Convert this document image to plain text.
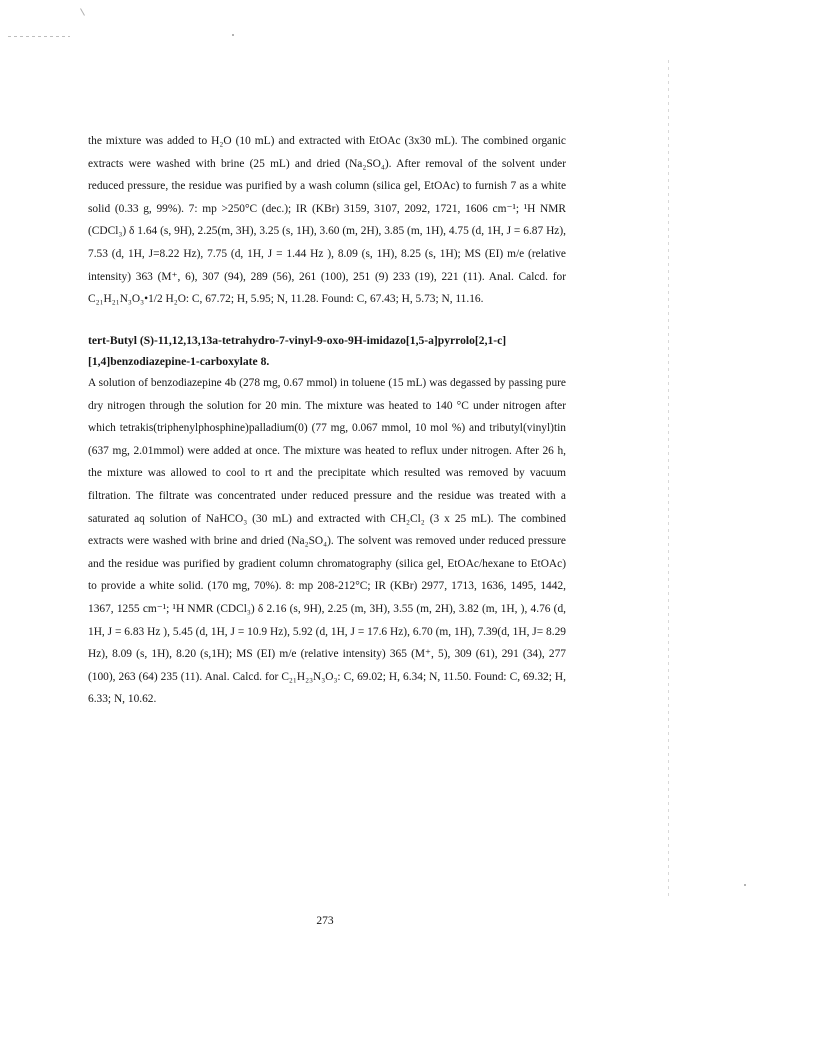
the mixture was added to H₂O (10 mL) and extracted with EtOAc (3x30 mL). The combined organic extracts were washed with brine (25 mL) and dried (Na₂SO₄). After removal of the solvent under reduced pressure, the residue was purified by a wash column (silica gel, EtOAc) to furnish 7 as a white solid (0.33 g, 99%). 7: mp >250°C (dec.); IR (KBr) 3159, 3107, 2092, 1721, 1606 cm⁻¹; ¹H NMR (CDCl₃) δ 1.64 (s, 9H), 2.25(m, 3H), 3.25 (s, 1H), 3.60 (m, 2H), 3.85 (m, 1H), 4.75 (d, 1H, J = 6.87 Hz), 7.53 (d, 1H, J=8.22 Hz), 7.75 (d, 1H, J = 1.44 Hz ), 8.09 (s, 1H), 8.25 (s, 1H); MS (EI) m/e (relative intensity) 363 (M⁺, 6), 307 (94), 289 (56), 261 (100), 251 (9) 233 (19), 221 (11). Anal. Calcd. for C₂₁H₂₁N₃O₃•1/2 H₂O: C, 67.72; H, 5.95; N, 11.28. Found: C, 67.43; H, 5.73; N, 11.16.

tert-Butyl (S)-11,12,13,13a-tetrahydro-7-vinyl-9-oxo-9H-imidazo[1,5-a]pyrrolo[2,1-c][1,4]benzodiazepine-1-carboxylate 8.

A solution of benzodiazepine 4b (278 mg, 0.67 mmol) in toluene (15 mL) was degassed by passing pure dry nitrogen through the solution for 20 min. The mixture was heated to 140 °C under nitrogen after which tetrakis(triphenylphosphine)palladium(0) (77 mg, 0.067 mmol, 10 mol %) and tributyl(vinyl)tin (637 mg, 2.01mmol) were added at once. The mixture was heated to reflux under nitrogen. After 26 h, the mixture was allowed to cool to rt and the precipitate which resulted was removed by vacuum filtration. The filtrate was concentrated under reduced pressure and the residue was treated with a saturated aq solution of NaHCO₃ (30 mL) and extracted with CH₂Cl₂ (3 x 25 mL). The combined extracts were washed with brine and dried (Na₂SO₄). The solvent was removed under reduced pressure and the residue was purified by gradient column chromatography (silica gel, EtOAc/hexane to EtOAc) to provide a white solid. (170 mg, 70%). 8: mp 208-212°C; IR (KBr) 2977, 1713, 1636, 1495, 1442, 1367, 1255 cm⁻¹; ¹H NMR (CDCl₃) δ 2.16 (s, 9H), 2.25 (m, 3H), 3.55 (m, 2H), 3.82 (m, 1H, ), 4.76 (d, 1H, J = 6.83 Hz ), 5.45 (d, 1H, J = 10.9 Hz), 5.92 (d, 1H, J = 17.6 Hz), 6.70 (m, 1H), 7.39(d, 1H, J= 8.29 Hz), 8.09 (s, 1H), 8.20 (s,1H); MS (EI) m/e (relative intensity) 365 (M⁺, 5), 309 (61), 291 (34), 277 (100), 263 (64) 235 (11). Anal. Calcd. for C₂₁H₂₃N₃O₃: C, 69.02; H, 6.34; N, 11.50. Found: C, 69.32; H, 6.33; N, 10.62.

273
